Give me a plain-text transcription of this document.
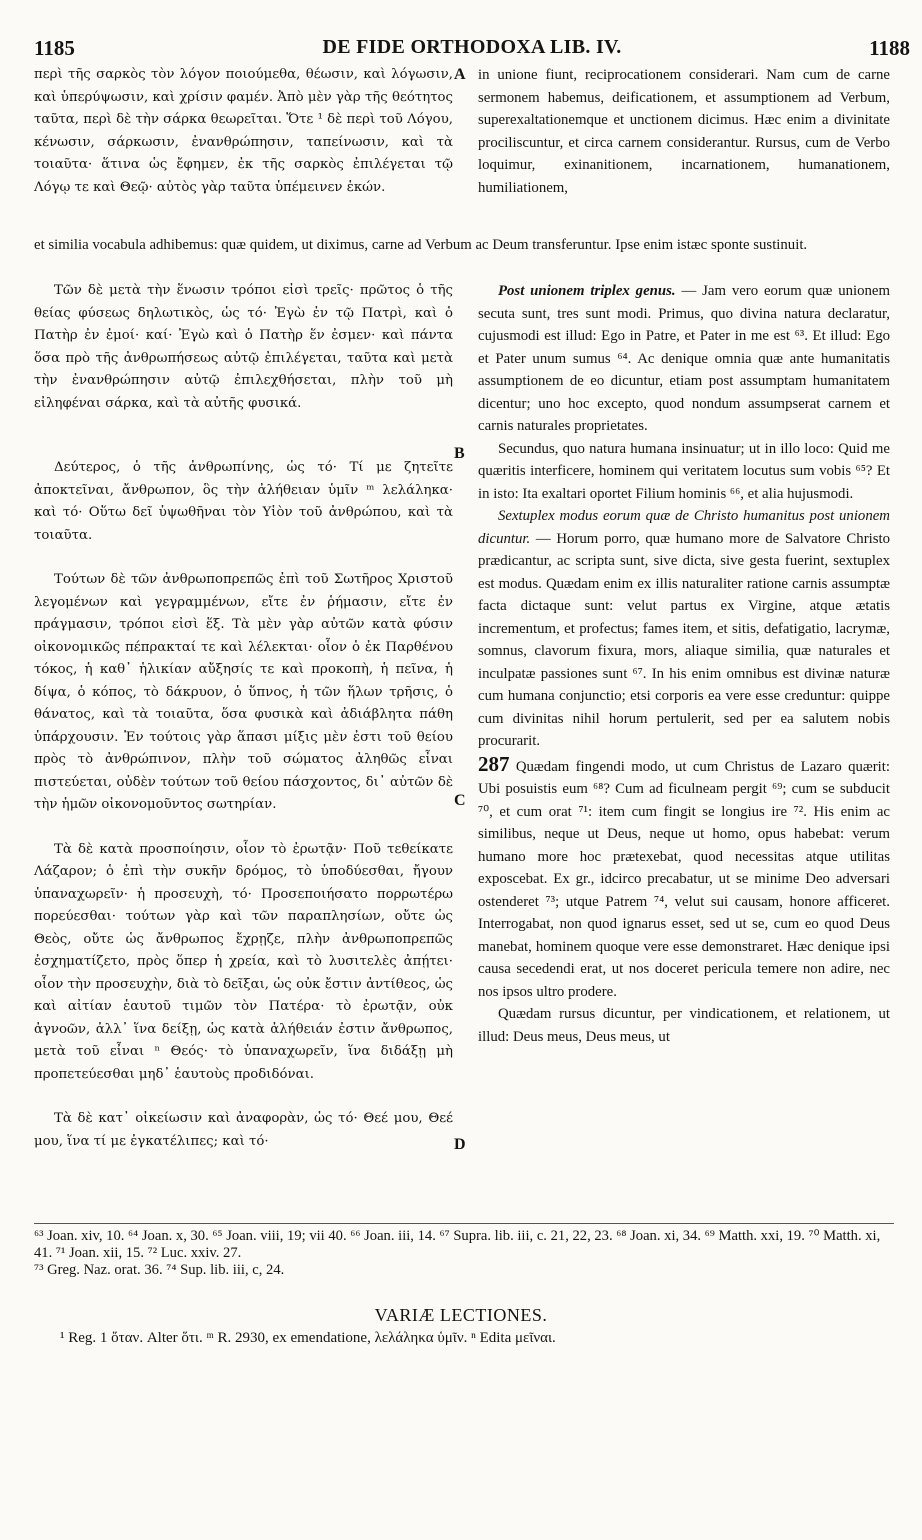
1185	DE FIDE ORTHODOXA LIB. IV.	1188
A
B
C
D

περὶ τῆς σαρκὸς τὸν λόγον ποιούμεθα, θέωσιν, καὶ λόγωσιν, καὶ ὑπερύψωσιν, καὶ χρίσιν φαμέν. Ἀπὸ μὲν γὰρ τῆς θεότητος ταῦτα, περὶ δὲ τὴν σάρκα θεωρεῖται. Ὅτε ¹ δὲ περὶ τοῦ Λόγου, κένωσιν, σάρκωσιν, ἐνανθρώπησιν, ταπείνωσιν, καὶ τὰ τοιαῦτα· ἅτινα ὡς ἔφημεν, ἐκ τῆς σαρκὸς ἐπιλέγεται τῷ Λόγῳ τε καὶ Θεῷ· αὐτὸς γὰρ ταῦτα ὑπέμεινεν ἑκών.

in unione fiunt, reciprocationem considerari. Nam cum de carne sermonem habemus, deificationem, et assumptionem ad Verbum, superexaltationemque et unctionem dicimus. Hæc enim a divinitate prociliscuntur, et circa carnem considerantur. Rursus, cum de Verbo loquimur, exinanitionem, incarnationem, humanationem, humiliationem,

et similia vocabula adhibemus: quæ quidem, ut diximus, carne ad Verbum ac Deum transferuntur. Ipse enim istæc sponte sustinuit.

Τῶν δὲ μετὰ τὴν ἕνωσιν τρόποι εἰσὶ τρεῖς· πρῶτος ὁ τῆς θείας φύσεως δηλωτικὸς, ὡς τό· Ἐγὼ ἐν τῷ Πατρὶ, καὶ ὁ Πατὴρ ἐν ἐμοί· καί· Ἐγὼ καὶ ὁ Πατὴρ ἕν ἐσμεν· καὶ πάντα ὅσα πρὸ τῆς ἀνθρωπήσεως αὐτῷ ἐπιλέγεται, ταῦτα καὶ μετὰ τὴν ἐνανθρώπησιν αὐτῷ ἐπιλεχθήσεται, πλὴν τοῦ μὴ εἰληφέναι σάρκα, καὶ τὰ αὐτῆς φυσικά.

Δεύτερος, ὁ τῆς ἀνθρωπίνης, ὡς τό· Τί με ζητεῖτε ἀποκτεῖναι, ἄνθρωπον, ὃς τὴν ἀλήθειαν ὑμῖν ᵐ λελάληκα· καὶ τό· Οὕτω δεῖ ὑψωθῆναι τὸν Υἱὸν τοῦ ἀνθρώπου, καὶ τὰ τοιαῦτα.

Τούτων δὲ τῶν ἀνθρωποπρεπῶς ἐπὶ τοῦ Σωτῆρος Χριστοῦ λεγομένων καὶ γεγραμμένων, εἴτε ἐν ῥήμασιν, εἴτε ἐν πράγμασιν, τρόποι εἰσὶ ἕξ. Τὰ μὲν γὰρ αὐτῶν κατὰ φύσιν οἰκονομικῶς πέπρακταί τε καὶ λέλεκται· οἷον ὁ ἐκ Παρθένου τόκος, ἡ καθ᾽ ἡλικίαν αὔξησίς τε καὶ προκοπὴ, ἡ πεῖνα, ἡ δίψα, ὁ κόπος, τὸ δάκρυον, ὁ ὕπνος, ἡ τῶν ἥλων τρῆσις, ὁ θάνατος, καὶ τὰ τοιαῦτα, ὅσα φυσικὰ καὶ ἀδιάβλητα πάθη ὑπάρχουσιν. Ἐν τούτοις γὰρ ἅπασι μίξις μὲν ἐστι τοῦ θείου πρὸς τὸ ἀνθρώπινον, πλὴν τοῦ σώματος ἀληθῶς εἶναι πιστεύεται, οὐδὲν τούτων τοῦ θείου πάσχοντος, δι᾽ αὐτῶν δὲ τὴν ἡμῶν οἰκονομοῦντος σωτηρίαν.

Τὰ δὲ κατὰ προσποίησιν, οἷον τὸ ἐρωτᾷν· Ποῦ τεθείκατε Λάζαρον; ὁ ἐπὶ τὴν συκῆν δρόμος, τὸ ὑποδύεσθαι, ἤγουν ὑπαναχωρεῖν· ἡ προσευχὴ, τό· Προσεποιήσατο πορρωτέρω πορεύεσθαι· τούτων γὰρ καὶ τῶν παραπλησίων, οὔτε ὡς Θεὸς, οὔτε ὡς ἄνθρωπος ἔχρῃζε, πλὴν ἀνθρωποπρεπῶς ἐσχηματίζετο, πρὸς ὅπερ ἡ χρεία, καὶ τὸ λυσιτελὲς ἀπῄτει· οἷον τὴν προσευχὴν, διὰ τὸ δεῖξαι, ὡς οὐκ ἔστιν ἀντίθεος, ὡς καὶ αἰτίαν ἑαυτοῦ τιμῶν τὸν Πατέρα· τὸ ἐρωτᾷν, οὐκ ἀγνοῶν, ἀλλ᾽ ἵνα δείξῃ, ὡς κατὰ ἀλήθειάν ἐστιν ἄνθρωπος, μετὰ τοῦ εἶναι ⁿ Θεός· τὸ ὑπαναχωρεῖν, ἵνα διδάξῃ μὴ προπετεύεσθαι μηδ᾽ ἑαυτοὺς προδιδόναι.

Τὰ δὲ κατ᾽ οἰκείωσιν καὶ ἀναφορὰν, ὡς τό· Θεέ μου, Θεέ μου, ἵνα τί με ἐγκατέλιπες; καὶ τό·

Post unionem triplex genus. — Jam vero eorum quæ unionem secuta sunt, tres sunt modi. Primus, quo divina natura declaratur, cujusmodi est illud: Ego in Patre, et Pater in me est ⁶³. Et illud: Ego et Pater unum sumus ⁶⁴. Ac denique omnia quæ ante humanitatis assumptionem de eo dicuntur, etiam post assumptam humanitatem dicentur; uno hoc excepto, quod nondum assumpserat carnem et carnis naturales proprietates.

Secundus, quo natura humana insinuatur; ut in illo loco: Quid me quæritis interficere, hominem qui veritatem locutus sum vobis ⁶⁵? Et in isto: Ita exaltari oportet Filium hominis ⁶⁶, et alia hujusmodi.

Sextuplex modus eorum quæ de Christo humanitus post unionem dicuntur. — Horum porro, quæ humano more de Salvatore Christo prædicantur, ac scripta sunt, sive dicta, sive gesta fuerint, sextuplex est modus. Quædam enim ex illis naturaliter ratione carnis assumptæ facta dictaque sunt: velut partus ex Virgine, atque ætatis incrementum, et profectus; fames item, et sitis, defatigatio, lacrymæ, somnus, clavorum fixura, mors, aliaque similia, quæ naturales et inculpatæ passiones sunt ⁶⁷. In his enim omnibus est divinæ naturæ cum humana conjunctio; etsi corporis ea vere esse creduntur: quippe cum divinitas nihil horum pertulerit, sed per ea salutem nobis procurarit.

287 Quædam fingendi modo, ut cum Christus de Lazaro quærit: Ubi posuistis eum ⁶⁸? Cum ad ficulneam pergit ⁶⁹; cum se subducit ⁷⁰, et cum orat ⁷¹: item cum fingit se longius ire ⁷². His enim ac similibus, neque ut Deus, neque ut homo, opus habebat: verum humano more hoc prætexebat, quod necessitas atque utilitas exposcebat. Ex gr., idcirco precabatur, ut se minime Deo adversari ostenderet ⁷³; utque Patrem ⁷⁴, velut sui causam, honore afficeret. Interrogabat, non quod ignarus esset, sed ut se, cum eo quod Deus manebat, hominem quoque vere esse demonstraret. Hæc denique ipsi causa secedendi erat, ut nos doceret pericula temere non adire, nec nos ipsos ultro prodere.

Quædam rursus dicuntur, per vindicationem, et relationem, ut illud: Deus meus, Deus meus, ut

⁶³ Joan. xiv, 10. ⁶⁴ Joan. x, 30. ⁶⁵ Joan. viii, 19; vii 40. ⁶⁶ Joan. iii, 14. ⁶⁷ Supra. lib. iii, c. 21, 22, 23. ⁶⁸ Joan. xi, 34. ⁶⁹ Matth. xxi, 19. ⁷⁰ Matth. xi, 41. ⁷¹ Joan. xii, 15. ⁷² Luc. xxiv. 27.
⁷³ Greg. Naz. orat. 36. ⁷⁴ Sup. lib. iii, c, 24.
VARIÆ LECTIONES.
¹ Reg. 1 ὅταν. Alter ὅτι. ᵐ R. 2930, ex emendatione, λελάληκα ὑμῖν. ⁿ Edita μεῖναι.
